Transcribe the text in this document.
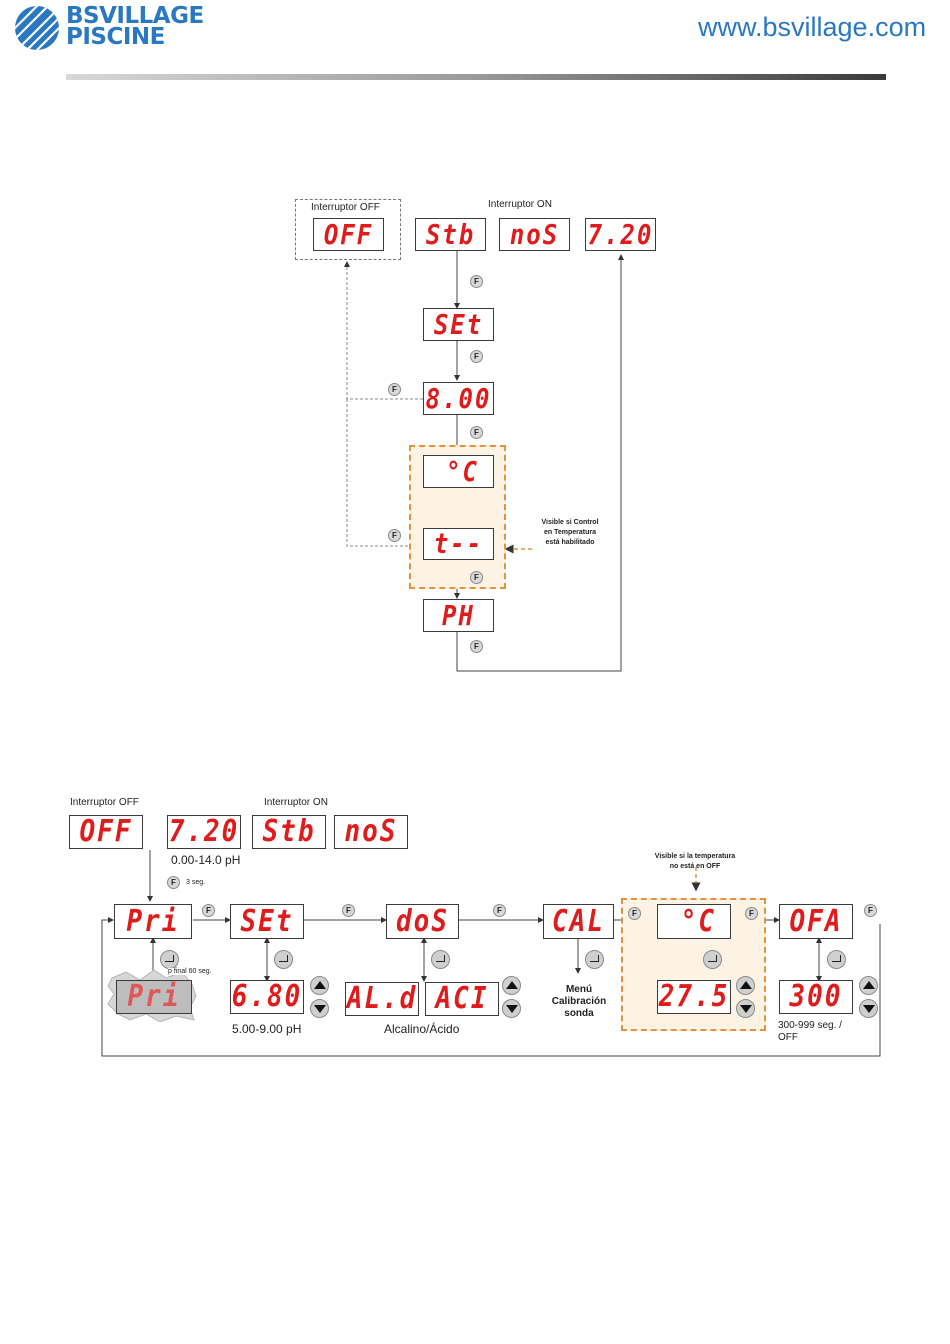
BSVILLAGE
PISCINE	www.bsvillage.com
Interruptor OFF	Interruptor ON
OFF Stb noS 7.20
F
SEt
F
F 8.00
F
°C
F t--
F
Visible si Control
en Temperatura
está habilitado
PH
F
Interruptor OFF	Interruptor ON
OFF 7.20 Stb noS
0.00-14.0 pH
F	3 seg.
Pri	F SEt	F doS	F CAL
Visible si la temperatura
no está en OFF
F °C	F OFA	F
Pri
p final 60 seg.
6.80
5.00-9.00 pH
AL.d ACI
Alcalino/Ácido
Menú
Calibración
sonda	27.5 300
300-999 seg. /
OFF
